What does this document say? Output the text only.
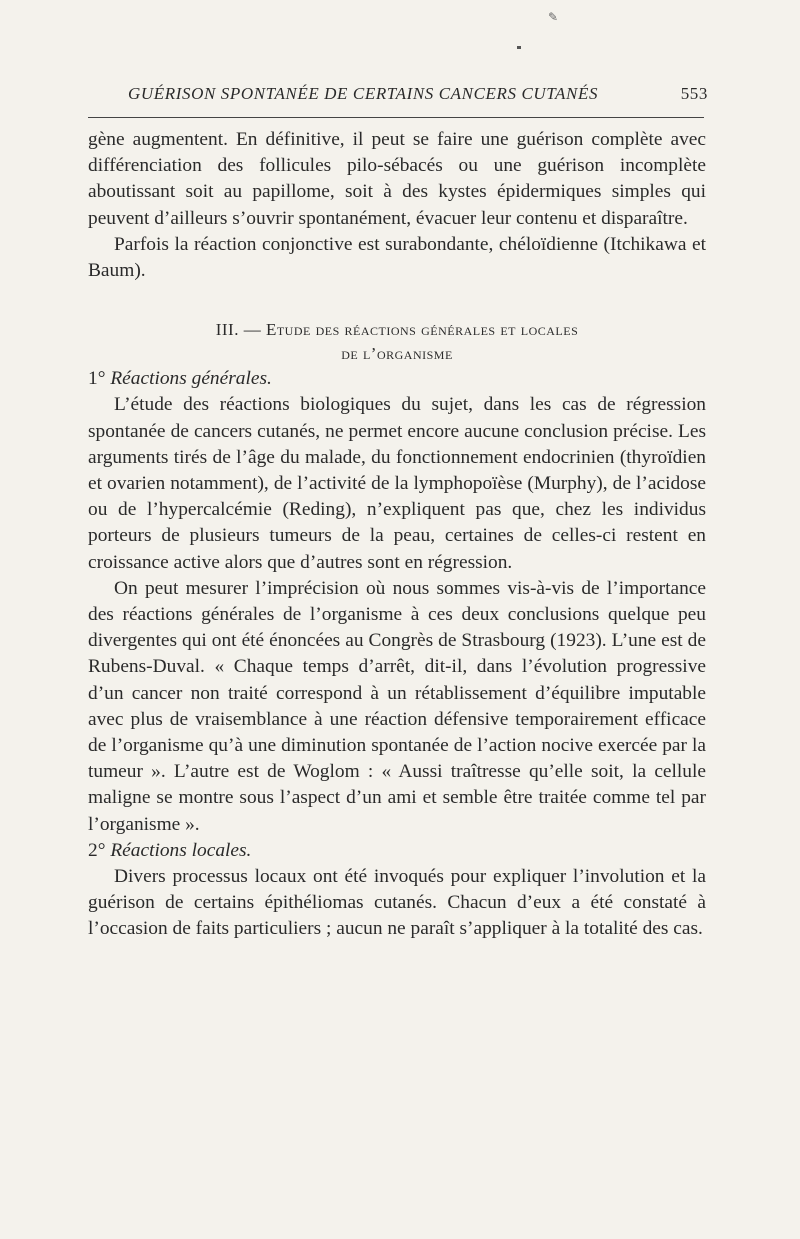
✎
GUÉRISON SPONTANÉE DE CERTAINS CANCERS CUTANÉS	553

gène augmentent. En définitive, il peut se faire une guérison complète avec différenciation des follicules pilo-sébacés ou une guérison incomplète aboutissant soit au papillome, soit à des kystes épidermiques simples qui peuvent d’ailleurs s’ouvrir spontanément, évacuer leur contenu et disparaître.

Parfois la réaction conjonctive est surabondante, chéloïdienne (Itchikawa et Baum).

III. — Etude des réactions générales et locales
de l’organisme

1° Réactions générales.

L’étude des réactions biologiques du sujet, dans les cas de régression spontanée de cancers cutanés, ne permet encore aucune conclusion précise. Les arguments tirés de l’âge du malade, du fonctionnement endocrinien (thyroïdien et ovarien notamment), de l’activité de la lymphopoïèse (Murphy), de l’acidose ou de l’hypercalcémie (Reding), n’expliquent pas que, chez les individus porteurs de plusieurs tumeurs de la peau, certaines de celles-ci restent en croissance active alors que d’autres sont en régression.

On peut mesurer l’imprécision où nous sommes vis-à-vis de l’importance des réactions générales de l’organisme à ces deux conclusions quelque peu divergentes qui ont été énoncées au Congrès de Strasbourg (1923). L’une est de Rubens-Duval. « Chaque temps d’arrêt, dit-il, dans l’évolution progressive d’un cancer non traité correspond à un rétablissement d’équilibre imputable avec plus de vraisemblance à une réaction défensive temporairement efficace de l’organisme qu’à une diminution spontanée de l’action nocive exercée par la tumeur ». L’autre est de Woglom : « Aussi traîtresse qu’elle soit, la cellule maligne se montre sous l’aspect d’un ami et semble être traitée comme tel par l’organisme ».

2° Réactions locales.

Divers processus locaux ont été invoqués pour expliquer l’involution et la guérison de certains épithéliomas cutanés. Chacun d’eux a été constaté à l’occasion de faits particuliers ; aucun ne paraît s’appliquer à la totalité des cas.
